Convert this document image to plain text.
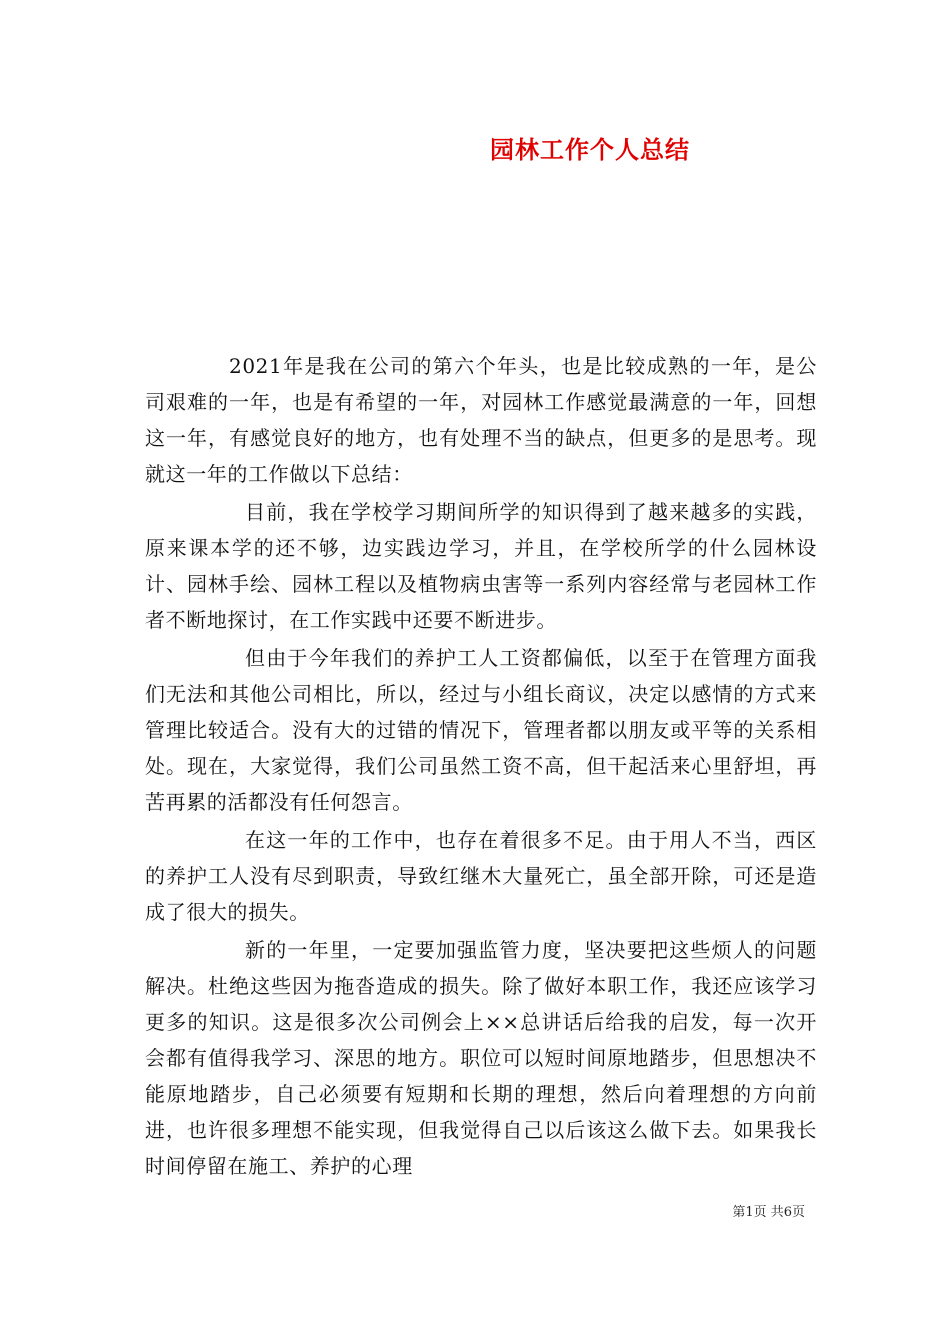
园林工作个人总结

2021年是我在公司的第六个年头，也是比较成熟的一年，是公司艰难的一年，也是有希望的一年，对园林工作感觉最满意的一年，回想这一年，有感觉良好的地方，也有处理不当的缺点，但更多的是思考。现就这一年的工作做以下总结：

目前，我在学校学习期间所学的知识得到了越来越多的实践，原来课本学的还不够，边实践边学习，并且，在学校所学的什么园林设计、园林手绘、园林工程以及植物病虫害等一系列内容经常与老园林工作者不断地探讨，在工作实践中还要不断进步。

但由于今年我们的养护工人工资都偏低，以至于在管理方面我们无法和其他公司相比，所以，经过与小组长商议，决定以感情的方式来管理比较适合。没有大的过错的情况下，管理者都以朋友或平等的关系相处。现在，大家觉得，我们公司虽然工资不高，但干起活来心里舒坦，再苦再累的活都没有任何怨言。

在这一年的工作中，也存在着很多不足。由于用人不当，西区的养护工人没有尽到职责，导致红继木大量死亡，虽全部开除，可还是造成了很大的损失。

新的一年里，一定要加强监管力度，坚决要把这些烦人的问题解决。杜绝这些因为拖沓造成的损失。除了做好本职工作，我还应该学习更多的知识。这是很多次公司例会上××总讲话后给我的启发，每一次开会都有值得我学习、深思的地方。职位可以短时间原地踏步，但思想决不能原地踏步，自己必须要有短期和长期的理想，然后向着理想的方向前进，也许很多理想不能实现，但我觉得自己以后该这么做下去。如果我长时间停留在施工、养护的心理

第1页 共6页
